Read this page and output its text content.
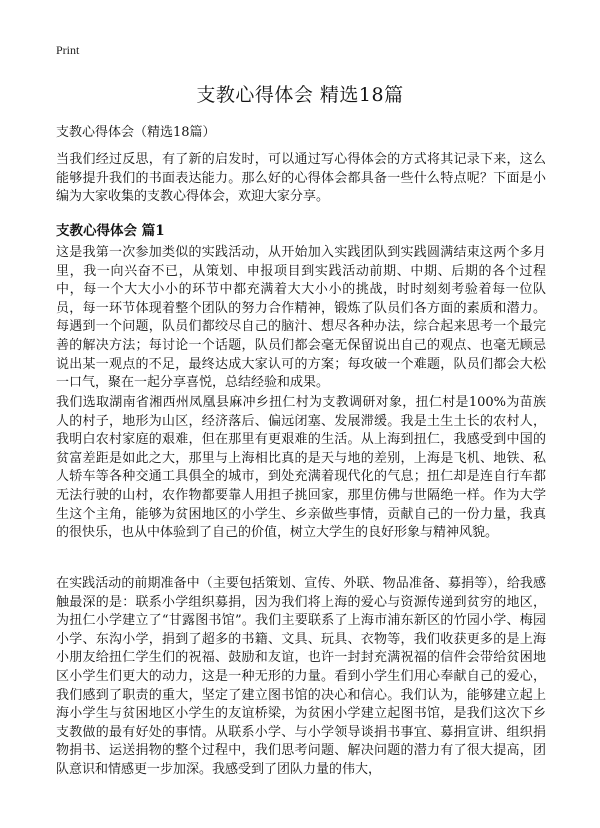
Print
支教心得体会 精选18篇

支教心得体会（精选18篇）

当我们经过反思，有了新的启发时，可以通过写心得体会的方式将其记录下来，这么能够提升我们的书面表达能力。那么好的心得体会都具备一些什么特点呢？下面是小编为大家收集的支教心得体会，欢迎大家分享。

支教心得体会 篇1

这是我第一次参加类似的实践活动，从开始加入实践团队到实践圆满结束这两个多月里，我一向兴奋不已，从策划、申报项目到实践活动前期、中期、后期的各个过程中，每一个大大小小的环节中都充满着大大小小的挑战，时时刻刻考验着每一位队员，每一环节体现着整个团队的努力合作精神，锻炼了队员们各方面的素质和潜力。每遇到一个问题，队员们都绞尽自己的脑汁、想尽各种办法，综合起来思考一个最完善的解决方法；每讨论一个话题，队员们都会毫无保留说出自己的观点、也毫无顾忌说出某一观点的不足，最终达成大家认可的方案；每攻破一个难题，队员们都会大松一口气，聚在一起分享喜悦，总结经验和成果。

我们选取湖南省湘西州凤凰县麻冲乡扭仁村为支教调研对象，扭仁村是100%为苗族人的村子，地形为山区，经济落后、偏远闭塞、发展滞缓。我是土生土长的农村人，我明白农村家庭的艰难，但在那里有更艰难的生活。从上海到扭仁，我感受到中国的贫富差距是如此之大，那里与上海相比真的是天与地的差别，上海是飞机、地铁、私人轿车等各种交通工具俱全的城市，到处充满着现代化的气息；扭仁却是连自行车都无法行驶的山村，农作物都要靠人用担子挑回家，那里仿佛与世隔绝一样。作为大学生这个主角，能够为贫困地区的小学生、乡亲做些事情，贡献自己的一份力量，我真的很快乐，也从中体验到了自己的价值，树立大学生的良好形象与精神风貌。

在实践活动的前期准备中（主要包括策划、宣传、外联、物品准备、募捐等），给我感触最深的是：联系小学组织募捐，因为我们将上海的爱心与资源传递到贫穷的地区，为扭仁小学建立了“甘露图书馆”。我们主要联系了上海市浦东新区的竹园小学、梅园小学、东沟小学，捐到了超多的书籍、文具、玩具、衣物等，我们收获更多的是上海小朋友给扭仁学生们的祝福、鼓励和友谊，也许一封封充满祝福的信件会带给贫困地区小学生们更大的动力，这是一种无形的力量。看到小学生们用心奉献自己的爱心，我们感到了职责的重大，坚定了建立图书馆的决心和信心。我们认为，能够建立起上海小学生与贫困地区小学生的友谊桥梁，为贫困小学建立起图书馆，是我们这次下乡支教做的最有好处的事情。从联系小学、与小学领导谈捐书事宜、募捐宣讲、组织捐物捐书、运送捐物的整个过程中，我们思考问题、解决问题的潜力有了很大提高，团队意识和情感更一步加深。我感受到了团队力量的伟大，
